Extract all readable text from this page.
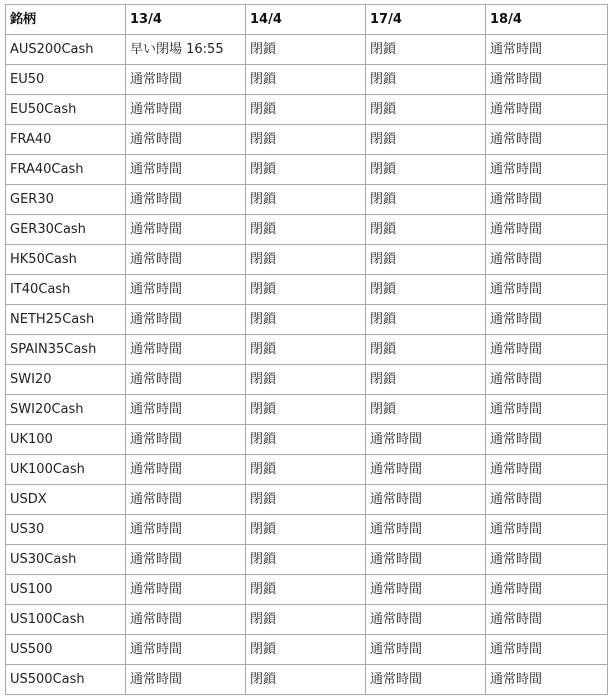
銘柄	13/4	14/4	17/4	18/4
AUS200Cash	早い閉場 16:55	閉鎖	閉鎖	通常時間
EU50	通常時間	閉鎖	閉鎖	通常時間
EU50Cash	通常時間	閉鎖	閉鎖	通常時間
FRA40	通常時間	閉鎖	閉鎖	通常時間
FRA40Cash	通常時間	閉鎖	閉鎖	通常時間
GER30	通常時間	閉鎖	閉鎖	通常時間
GER30Cash	通常時間	閉鎖	閉鎖	通常時間
HK50Cash	通常時間	閉鎖	閉鎖	通常時間
IT40Cash	通常時間	閉鎖	閉鎖	通常時間
NETH25Cash	通常時間	閉鎖	閉鎖	通常時間
SPAIN35Cash	通常時間	閉鎖	閉鎖	通常時間
SWI20	通常時間	閉鎖	閉鎖	通常時間
SWI20Cash	通常時間	閉鎖	閉鎖	通常時間
UK100	通常時間	閉鎖	通常時間	通常時間
UK100Cash	通常時間	閉鎖	通常時間	通常時間
USDX	通常時間	閉鎖	通常時間	通常時間
US30	通常時間	閉鎖	通常時間	通常時間
US30Cash	通常時間	閉鎖	通常時間	通常時間
US100	通常時間	閉鎖	通常時間	通常時間
US100Cash	通常時間	閉鎖	通常時間	通常時間
US500	通常時間	閉鎖	通常時間	通常時間
US500Cash	通常時間	閉鎖	通常時間	通常時間
